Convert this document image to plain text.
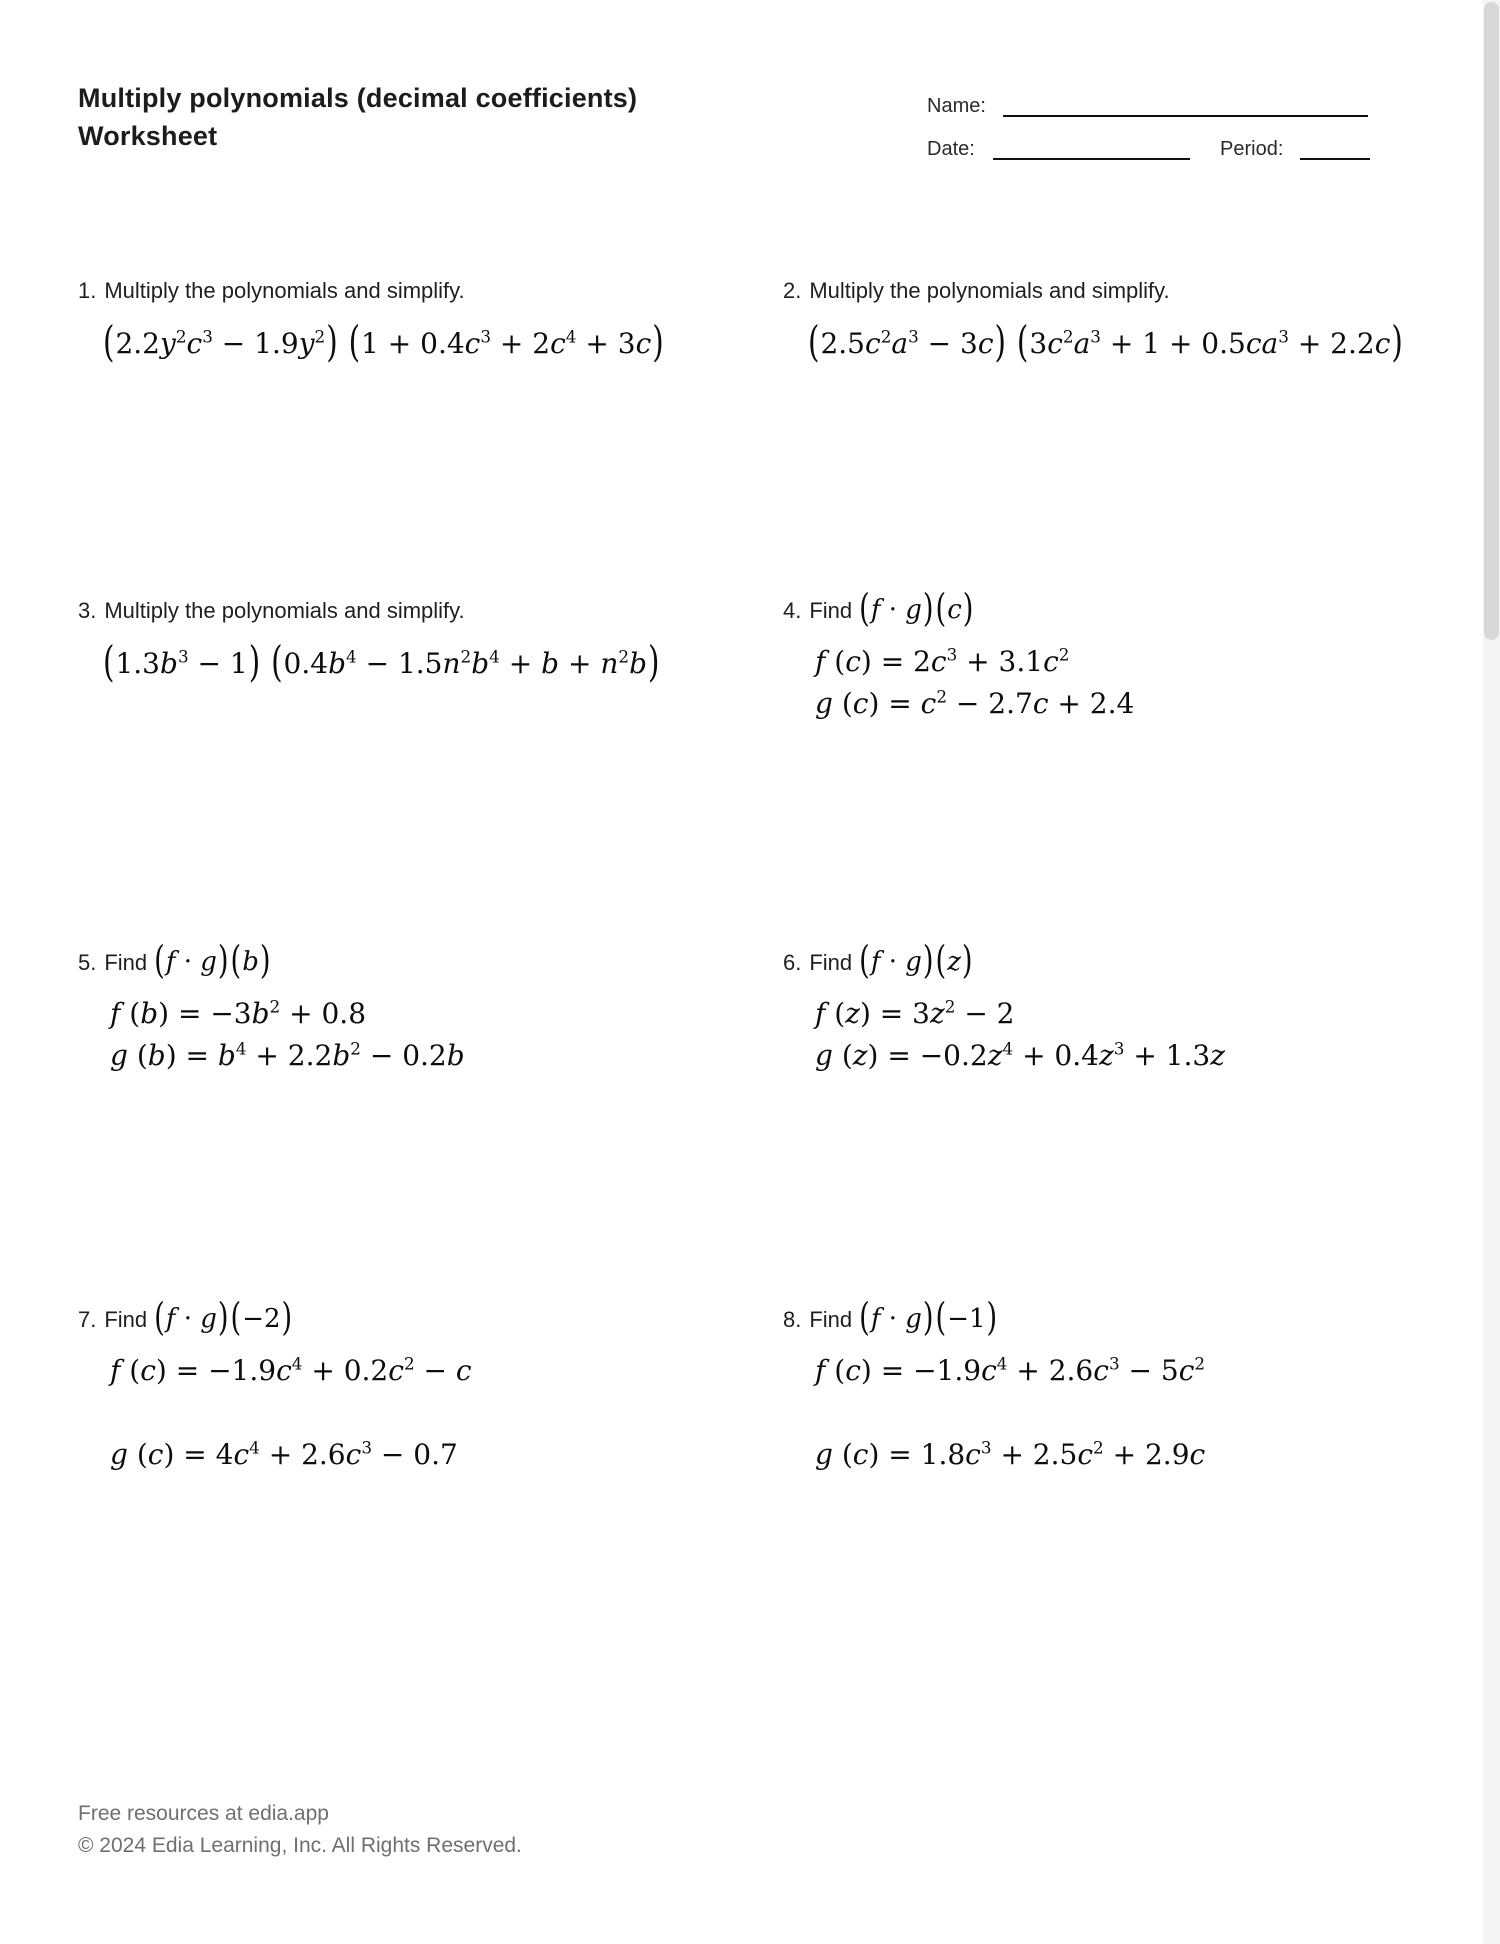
Multiply polynomials (decimal coefficients)
Worksheet
Name:
Date:	Period:
1. Multiply the polynomials and simplify.
$(2.2y^2c^3 - 1.9y^2) (1 + 0.4c^3 + 2c^4 + 3c)$
2. Multiply the polynomials and simplify.
$(2.5c^2a^3 - 3c) (3c^2a^3 + 1 + 0.5ca^3 + 2.2c)$
3. Multiply the polynomials and simplify.
$(1.3b^3 - 1) (0.4b^4 - 1.5n^2b^4 + b + n^2b)$
4. Find (f · g)(c)
f $(c) = 2c^3 + 3.1c^2$
g $(c) = c^2 - 2.7c + 2.4$
5. Find (f · g)(b)
f $(b) = -3b^2 + 0.8$
g $(b) = b^4 + 2.2b^2 - 0.2b$
6. Find (f · g)(z)
f $(z) = 3z^2 - 2$
g $(z) = -0.2z^4 + 0.4z^3 + 1.3z$
7. Find (f · g)(−2)
f $(c) = -1.9c^4 + 0.2c^2 - c$
g $(c) = 4c^4 + 2.6c^3 - 0.7$
8. Find (f · g)(−1)
f $(c) = -1.9c^4 + 2.6c^3 - 5c^2$
g $(c) = 1.8c^3 + 2.5c^2 + 2.9c$
Free resources at edia.app
© 2024 Edia Learning, Inc. All Rights Reserved.
